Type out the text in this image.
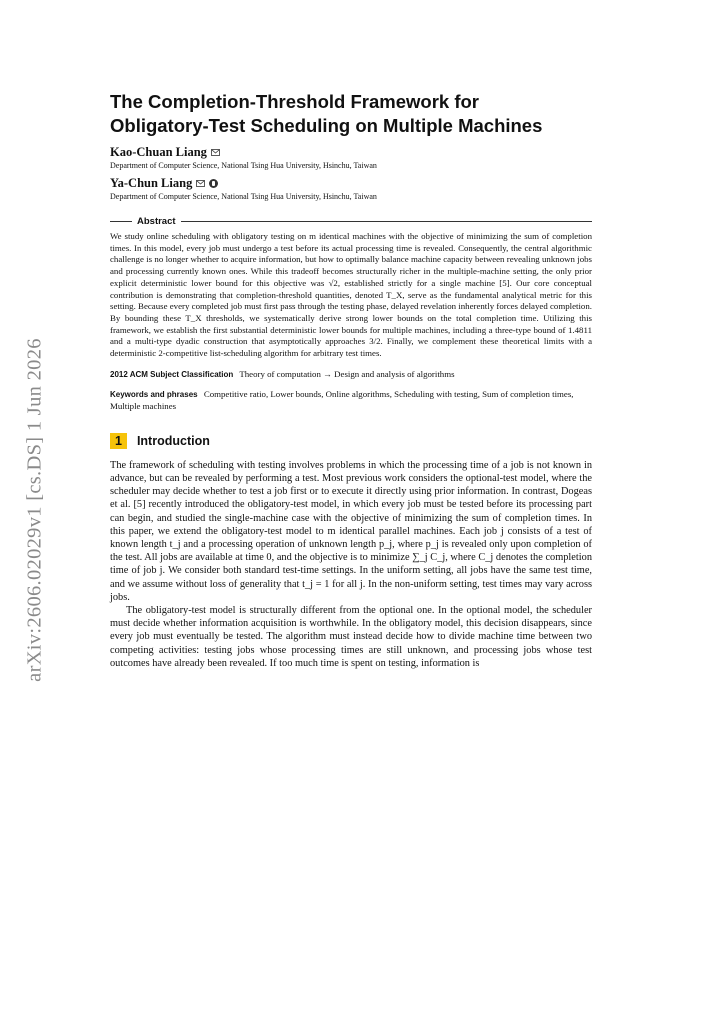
arXiv:2606.02029v1 [cs.DS] 1 Jun 2026
The Completion-Threshold Framework for
Obligatory-Test Scheduling on Multiple Machines
Kao-Chuan Liang
Department of Computer Science, National Tsing Hua University, Hsinchu, Taiwan
Ya-Chun Liang
Department of Computer Science, National Tsing Hua University, Hsinchu, Taiwan
Abstract
We study online scheduling with obligatory testing on m identical machines with the objective of minimizing the sum of completion times. In this model, every job must undergo a test before its actual processing time is revealed. Consequently, the central algorithmic challenge is no longer whether to acquire information, but how to optimally balance machine capacity between revealing unknown jobs and processing currently known ones. While this tradeoff becomes structurally richer in the multiple-machine setting, the only prior explicit deterministic lower bound for this objective was √2, established strictly for a single machine [5]. Our core conceptual contribution is demonstrating that completion-threshold quantities, denoted T_X, serve as the fundamental analytical metric for this setting. Because every completed job must first pass through the testing phase, delayed revelation inherently forces delayed completion. By bounding these T_X thresholds, we systematically derive strong lower bounds on the total completion time. Utilizing this framework, we establish the first substantial deterministic lower bounds for multiple machines, including a three-type bound of 1.4811 and a multi-type dyadic construction that asymptotically approaches 3/2. Finally, we complement these theoretical limits with a deterministic 2-competitive list-scheduling algorithm for arbitrary test times.
2012 ACM Subject Classification Theory of computation → Design and analysis of algorithms
Keywords and phrases Competitive ratio, Lower bounds, Online algorithms, Scheduling with testing, Sum of completion times, Multiple machines
1	Introduction

The framework of scheduling with testing involves problems in which the processing time of a job is not known in advance, but can be revealed by performing a test. Most previous work considers the optional-test model, where the scheduler may decide whether to test a job first or to execute it directly using prior information. In contrast, Dogeas et al. [5] recently introduced the obligatory-test model, in which every job must be tested before its processing part can begin, and studied the single-machine case with the objective of minimizing the sum of completion times. In this paper, we extend the obligatory-test model to m identical parallel machines. Each job j consists of a test of known length t_j and a processing operation of unknown length p_j, where p_j is revealed only upon completion of the test. All jobs are available at time 0, and the objective is to minimize ∑_j C_j, where C_j denotes the completion time of job j. We consider both standard test-time settings. In the uniform setting, all jobs have the same test time, and we assume without loss of generality that t_j = 1 for all j. In the non-uniform setting, test times may vary across jobs.

The obligatory-test model is structurally different from the optional one. In the optional model, the scheduler must decide whether information acquisition is worthwhile. In the obligatory model, this decision disappears, since every job must eventually be tested. The algorithm must instead decide how to divide machine time between two competing activities: testing jobs whose processing times are still unknown, and processing jobs whose test outcomes have already been revealed. If too much time is spent on testing, information is
